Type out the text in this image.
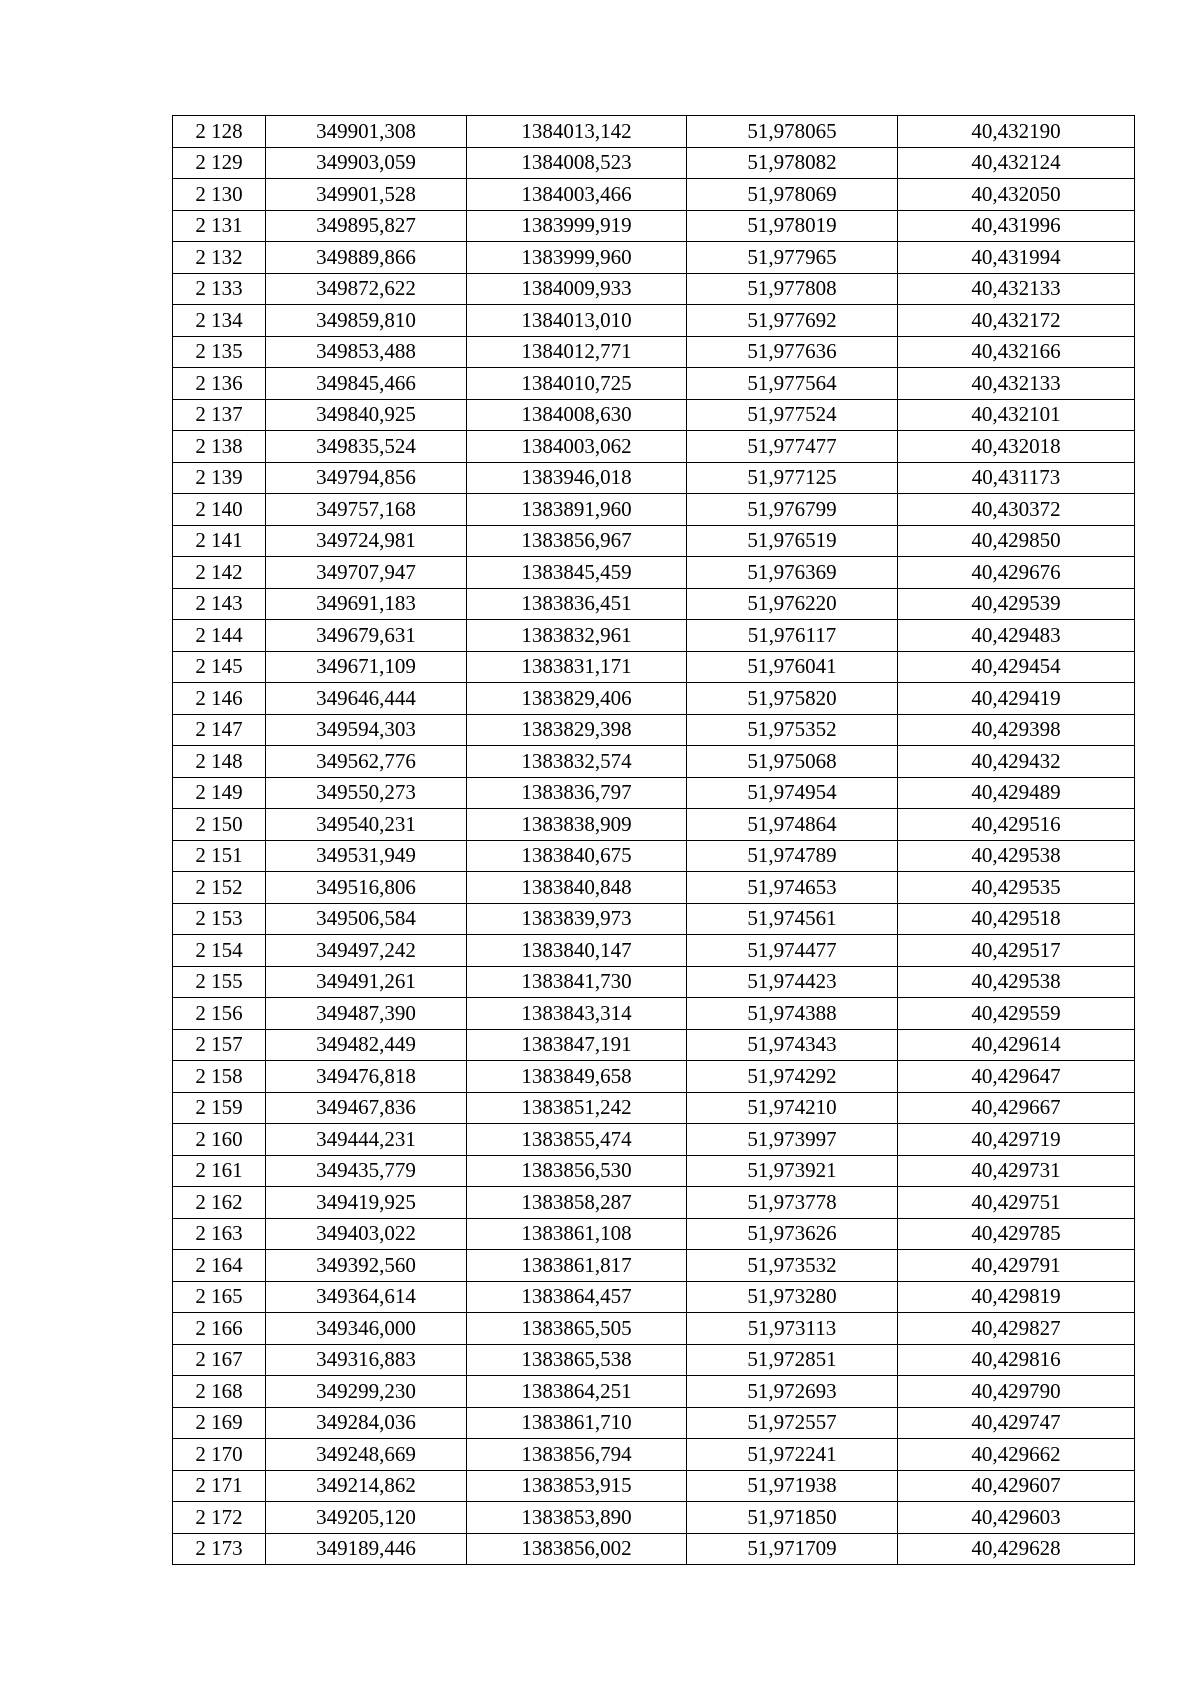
2 128	349901,308	1384013,142	51,978065	40,432190
2 129	349903,059	1384008,523	51,978082	40,432124
2 130	349901,528	1384003,466	51,978069	40,432050
2 131	349895,827	1383999,919	51,978019	40,431996
2 132	349889,866	1383999,960	51,977965	40,431994
2 133	349872,622	1384009,933	51,977808	40,432133
2 134	349859,810	1384013,010	51,977692	40,432172
2 135	349853,488	1384012,771	51,977636	40,432166
2 136	349845,466	1384010,725	51,977564	40,432133
2 137	349840,925	1384008,630	51,977524	40,432101
2 138	349835,524	1384003,062	51,977477	40,432018
2 139	349794,856	1383946,018	51,977125	40,431173
2 140	349757,168	1383891,960	51,976799	40,430372
2 141	349724,981	1383856,967	51,976519	40,429850
2 142	349707,947	1383845,459	51,976369	40,429676
2 143	349691,183	1383836,451	51,976220	40,429539
2 144	349679,631	1383832,961	51,976117	40,429483
2 145	349671,109	1383831,171	51,976041	40,429454
2 146	349646,444	1383829,406	51,975820	40,429419
2 147	349594,303	1383829,398	51,975352	40,429398
2 148	349562,776	1383832,574	51,975068	40,429432
2 149	349550,273	1383836,797	51,974954	40,429489
2 150	349540,231	1383838,909	51,974864	40,429516
2 151	349531,949	1383840,675	51,974789	40,429538
2 152	349516,806	1383840,848	51,974653	40,429535
2 153	349506,584	1383839,973	51,974561	40,429518
2 154	349497,242	1383840,147	51,974477	40,429517
2 155	349491,261	1383841,730	51,974423	40,429538
2 156	349487,390	1383843,314	51,974388	40,429559
2 157	349482,449	1383847,191	51,974343	40,429614
2 158	349476,818	1383849,658	51,974292	40,429647
2 159	349467,836	1383851,242	51,974210	40,429667
2 160	349444,231	1383855,474	51,973997	40,429719
2 161	349435,779	1383856,530	51,973921	40,429731
2 162	349419,925	1383858,287	51,973778	40,429751
2 163	349403,022	1383861,108	51,973626	40,429785
2 164	349392,560	1383861,817	51,973532	40,429791
2 165	349364,614	1383864,457	51,973280	40,429819
2 166	349346,000	1383865,505	51,973113	40,429827
2 167	349316,883	1383865,538	51,972851	40,429816
2 168	349299,230	1383864,251	51,972693	40,429790
2 169	349284,036	1383861,710	51,972557	40,429747
2 170	349248,669	1383856,794	51,972241	40,429662
2 171	349214,862	1383853,915	51,971938	40,429607
2 172	349205,120	1383853,890	51,971850	40,429603
2 173	349189,446	1383856,002	51,971709	40,429628
